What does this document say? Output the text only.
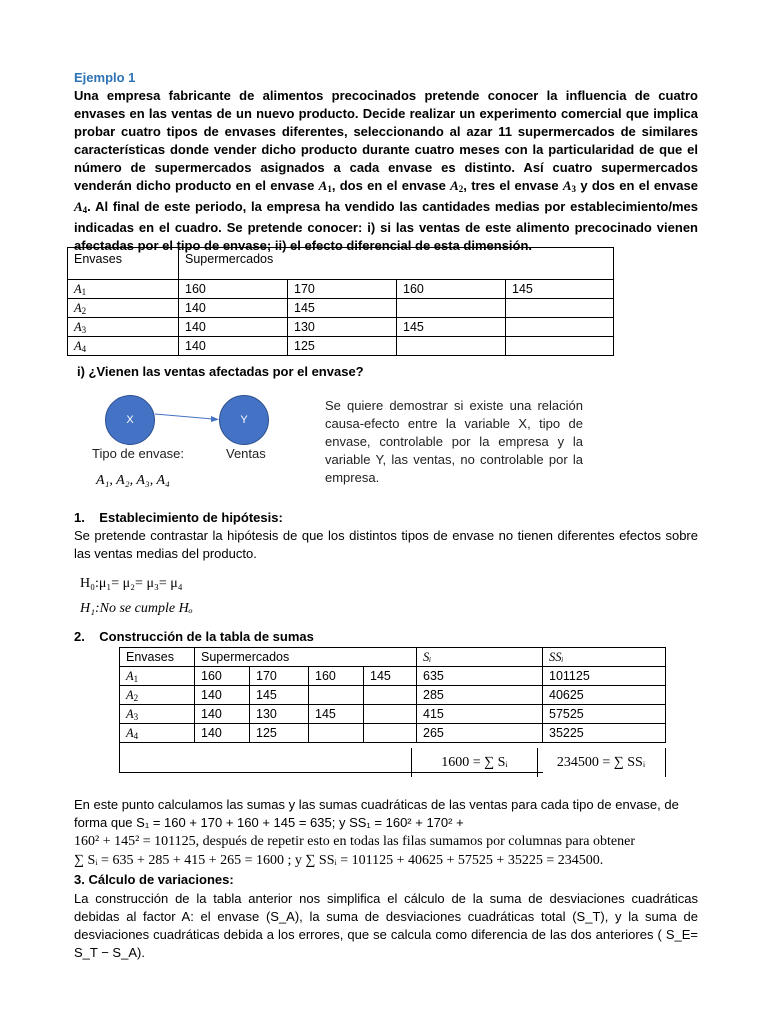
Ejemplo 1
Una empresa fabricante de alimentos precocinados pretende conocer la influencia de cuatro envases en las ventas de un nuevo producto. Decide realizar un experimento comercial que implica probar cuatro tipos de envases diferentes, seleccionando al azar 11 supermercados de similares características donde vender dicho producto durante cuatro meses con la particularidad de que el número de supermercados asignados a cada envase es distinto. Así cuatro supermercados venderán dicho producto en el envase $A_1$, dos en el envase $A_2$, tres el envase $A_3$ y dos en el envase $A_4$. Al final de este periodo, la empresa ha vendido las cantidades medias por establecimiento/mes indicadas en el cuadro. Se pretende conocer: i) si las ventas de este alimento precocinado vienen afectadas por el tipo de envase; ii) el efecto diferencial de esta dimensión.
Envases	Supermercados			
$A_1$	160	170	160	145
$A_2$	140	145		
$A_3$	140	130	145	
$A_4$	140	125		
i) ¿Vienen las ventas afectadas por el envase?
X	Y
Tipo de envase:	Ventas
A₁, A₂, A₃, A₄
Se quiere demostrar si existe una relación causa-efecto entre la variable X, tipo de envase, controlable por la empresa y la variable Y, las ventas, no controlable por la empresa.
1.    Establecimiento de hipótesis:
Se pretende contrastar la hipótesis de que los distintos tipos de envase no tienen diferentes efectos sobre las ventas medias del producto.
H₀:μ₁= μ₂= μ₃= μ₄
H₁:No se cumple Hₒ
2.    Construcción de la tabla de sumas
Envases	Supermercados				Sᵢ	SSᵢ
$A_1$	160	170	160	145	635	101125
$A_2$	140	145			285	40625
$A_3$	140	130	145		415	57525
$A_4$	140	125			265	35225

1600 = ∑ Sᵢ	234500 = ∑ SSᵢ
En este punto calculamos las sumas y las sumas cuadráticas de las ventas para cada tipo de envase, de
forma que S₁ = 160 + 170 + 160 + 145 = 635; y SS₁ = 160² + 170² +
160² + 145² = 101125, después de repetir esto en todas las filas sumamos por columnas para obtener
∑ Sᵢ = 635 + 285 + 415 + 265 = 1600 ; y ∑ SSᵢ = 101125 + 40625 + 57525 + 35225 = 234500.
3. Cálculo de variaciones:
La construcción de la tabla anterior nos simplifica el cálculo de la suma de desviaciones cuadráticas debidas al factor A: el envase (S_A), la suma de desviaciones cuadráticas total (S_T), y la suma de desviaciones cuadráticas debida a los errores, que se calcula como diferencia de las dos anteriores ( S_E= S_T − S_A).
